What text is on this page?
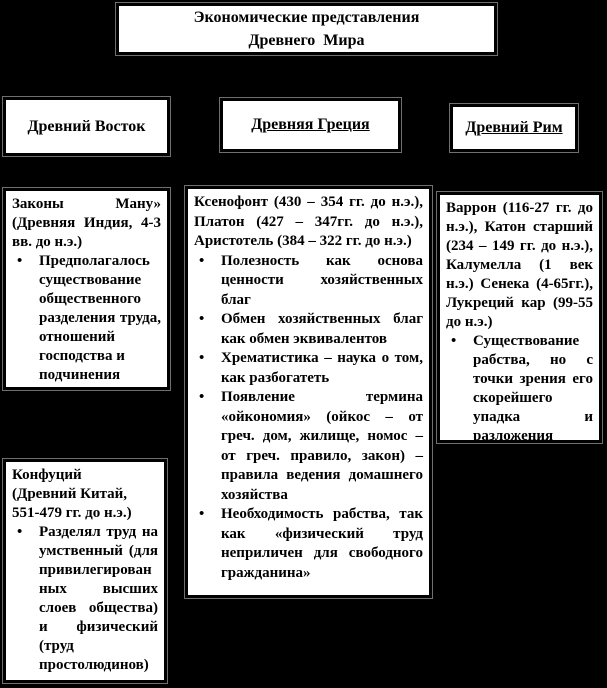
Экономические представления
Древнего  Мира
Древний Восток	Древняя Греция	Древний Рим
Законы Ману» (Древняя Индия, 4-3 вв. до н.э.)
•	Предполагалось существование общественного разделения труда, отношений господства и
подчинения
Ксенофонт (430 – 354 гг. до н.э.), Платон (427 – 347гг. до н.э.), Аристотель (384 – 322 гг. до н.э.)
•	Полезность как основа ценности хозяйственных благ
•	Обмен хозяйственных благ как обмен эквивалентов
•	Хрематистика – наука о том, как разбогатеть
•	Появление термина «ойкономия» (ойкос – от греч. дом, жилище, номос – от греч. правило, закон) – правила ведения домашнего хозяйства
•	Необходимость рабства, так как «физический труд неприличен для свободного гражданина»
Варрон (116-27 гг. до н.э.), Катон старший (234 – 149 гг. до н.э.), Калумелла (1 век н.э.) Сенека (4-65гг.), Лукреций кар (99-55 до н.э.)
•	Существование рабства, но с точки зрения его скорейшего упадка и разложения
Конфуций (Древний Китай, 551-479 гг. до н.э.)
•	Разделял труд на умственный (для привилегированных высших слоев общества) и физический (труд простолюдинов)
